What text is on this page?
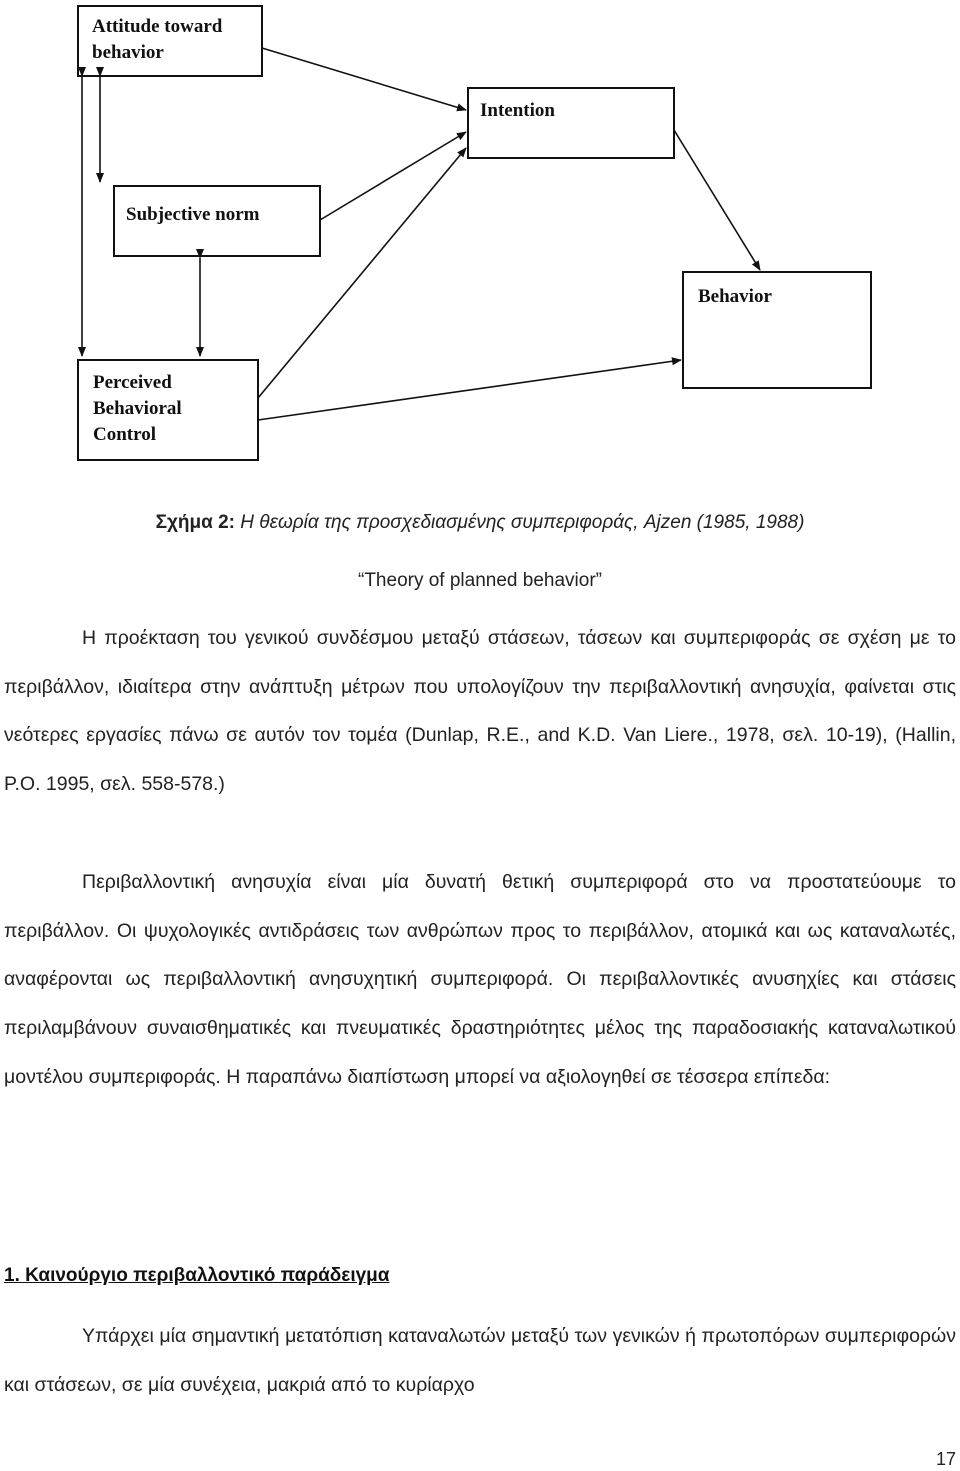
Attitude toward
behavior
Intention
Subjective norm
Behavior
Perceived
Behavioral
Control
Σχήμα 2: Η θεωρία της προσχεδιασμένης συμπεριφοράς, Ajzen (1985, 1988)
“Theory of planned behavior”

Η προέκταση του γενικού συνδέσμου μεταξύ στάσεων, τάσεων και συμπεριφοράς σε σχέση με το περιβάλλον, ιδιαίτερα στην ανάπτυξη μέτρων που υπολογίζουν την περιβαλλοντική ανησυχία, φαίνεται στις νεότερες εργασίες πάνω σε αυτόν τον τομέα (Dunlap, R.E., and K.D. Van Liere., 1978, σελ. 10-19), (Hallin, P.O. 1995, σελ. 558-578.)

Περιβαλλοντική ανησυχία είναι μία δυνατή θετική συμπεριφορά στο να προστατεύουμε το περιβάλλον. Οι ψυχολογικές αντιδράσεις των ανθρώπων προς το περιβάλλον, ατομικά και ως καταναλωτές, αναφέρονται ως περιβαλλοντική ανησυχητική συμπεριφορά. Οι περιβαλλοντικές ανυσηχίες και στάσεις περιλαμβάνουν συναισθηματικές και πνευματικές δραστηριότητες μέλος της παραδοσιακής καταναλωτικού μοντέλου συμπεριφοράς. Η παραπάνω διαπίστωση μπορεί να αξιολογηθεί σε τέσσερα επίπεδα:

1. Καινούργιο περιβαλλοντικό παράδειγμα

Υπάρχει μία σημαντική μετατόπιση καταναλωτών μεταξύ των γενικών ή πρωτοπόρων συμπεριφορών και στάσεων, σε μία συνέχεια, μακριά από το κυρίαρχο

17
